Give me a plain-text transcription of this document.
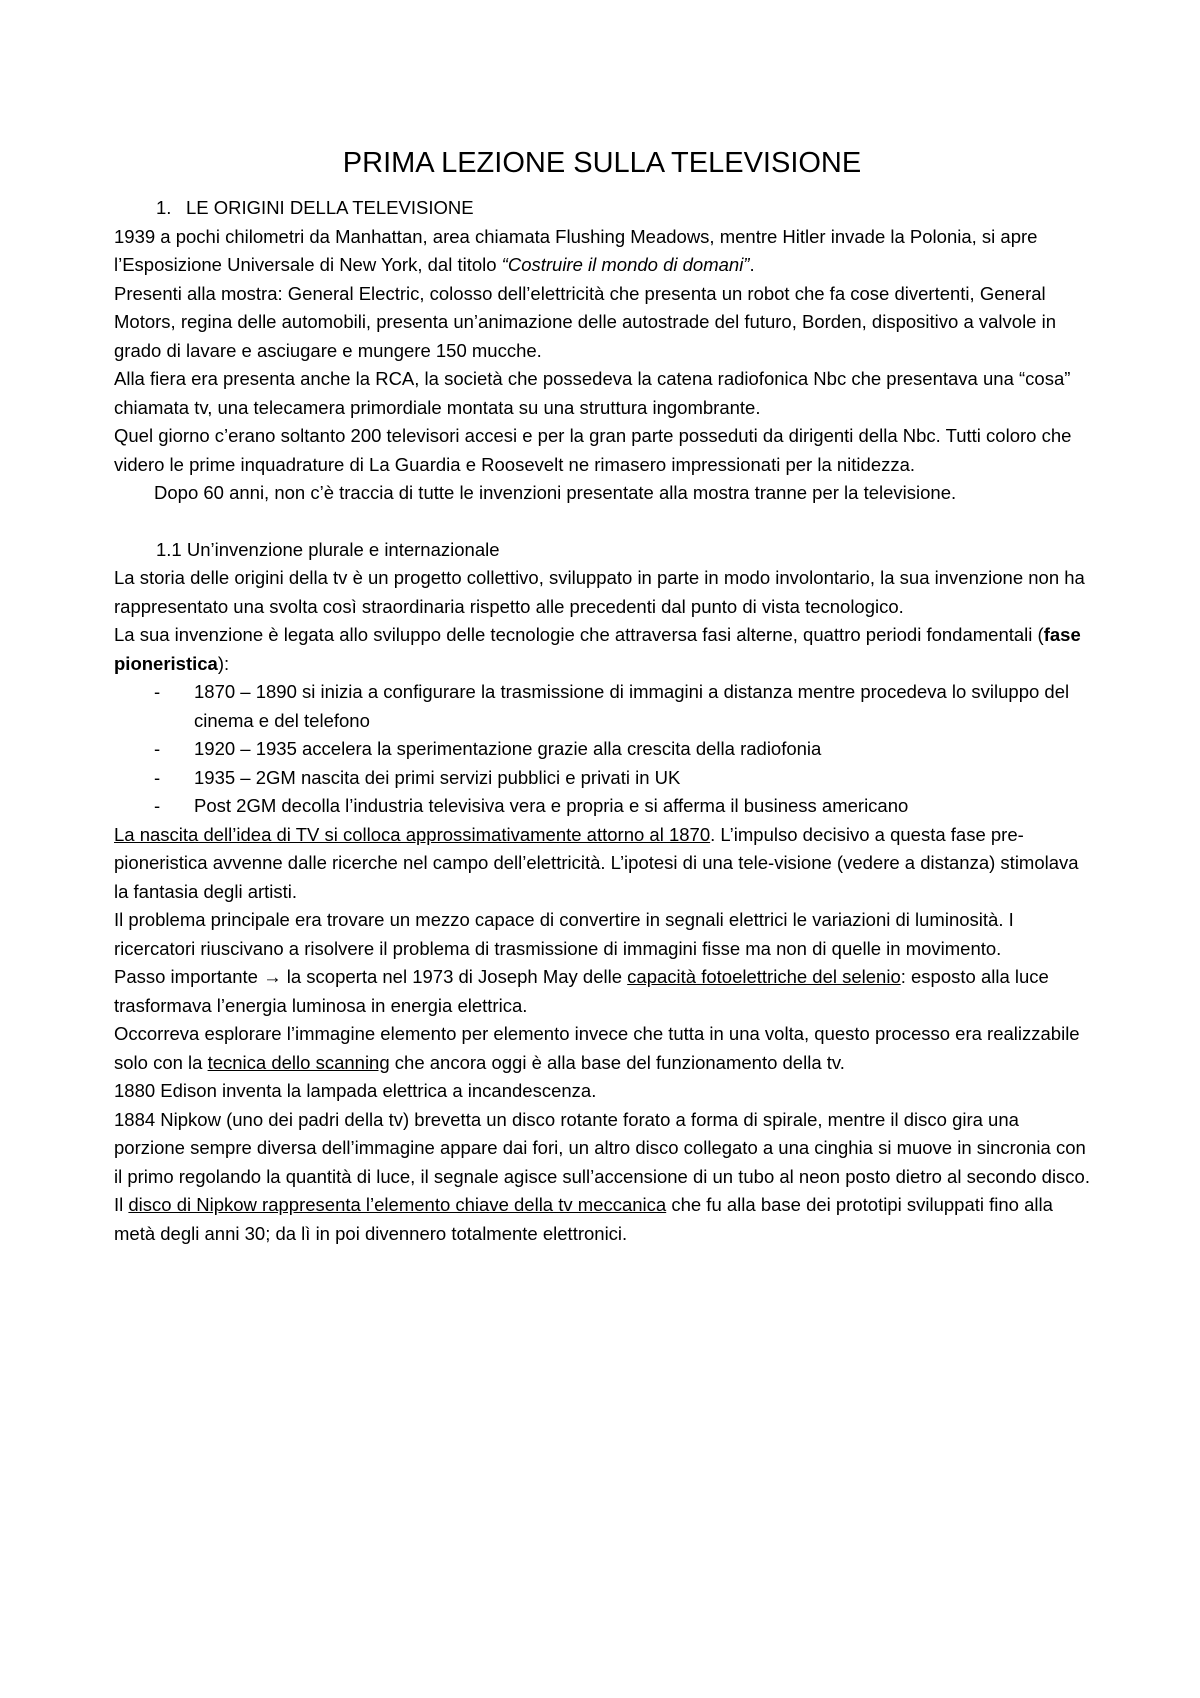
PRIMA LEZIONE SULLA TELEVISIONE
1. LE ORIGINI DELLA TELEVISIONE

1939 a pochi chilometri da Manhattan, area chiamata Flushing Meadows, mentre Hitler invade la Polonia, si apre l’Esposizione Universale di New York, dal titolo “Costruire il mondo di domani”.

Presenti alla mostra: General Electric, colosso dell’elettricità che presenta un robot che fa cose divertenti, General Motors, regina delle automobili, presenta un’animazione delle autostrade del futuro, Borden, dispositivo a valvole in grado di lavare e asciugare e mungere 150 mucche.

Alla fiera era presenta anche la RCA, la società che possedeva la catena radiofonica Nbc che presentava una “cosa” chiamata tv, una telecamera primordiale montata su una struttura ingombrante.

Quel giorno c’erano soltanto 200 televisori accesi e per la gran parte posseduti da dirigenti della Nbc. Tutti coloro che videro le prime inquadrature di La Guardia e Roosevelt ne rimasero impressionati per la nitidezza.

Dopo 60 anni, non c’è traccia di tutte le invenzioni presentate alla mostra tranne per la televisione.

1.1 Un’invenzione plurale e internazionale

La storia delle origini della tv è un progetto collettivo, sviluppato in parte in modo involontario, la sua invenzione non ha rappresentato una svolta così straordinaria rispetto alle precedenti dal punto di vista tecnologico.

La sua invenzione è legata allo sviluppo delle tecnologie che attraversa fasi alterne, quattro periodi fondamentali (fase pioneristica):

-	1870 – 1890 si inizia a configurare la trasmissione di immagini a distanza mentre procedeva lo sviluppo del cinema e del telefono
-	1920 – 1935 accelera la sperimentazione grazie alla crescita della radiofonia
-	1935 – 2GM nascita dei primi servizi pubblici e privati in UK
-	Post 2GM decolla l’industria televisiva vera e propria e si afferma il business americano

La nascita dell’idea di TV si colloca approssimativamente attorno al 1870. L’impulso decisivo a questa fase pre-pioneristica avvenne dalle ricerche nel campo dell’elettricità. L’ipotesi di una tele-visione (vedere a distanza) stimolava la fantasia degli artisti.

Il problema principale era trovare un mezzo capace di convertire in segnali elettrici le variazioni di luminosità. I ricercatori riuscivano a risolvere il problema di trasmissione di immagini fisse ma non di quelle in movimento.

Passo importante → la scoperta nel 1973 di Joseph May delle capacità fotoelettriche del selenio: esposto alla luce trasformava l’energia luminosa in energia elettrica.

Occorreva esplorare l’immagine elemento per elemento invece che tutta in una volta, questo processo era realizzabile solo con la tecnica dello scanning che ancora oggi è alla base del funzionamento della tv.

1880 Edison inventa la lampada elettrica a incandescenza.

1884 Nipkow (uno dei padri della tv) brevetta un disco rotante forato a forma di spirale, mentre il disco gira una porzione sempre diversa dell’immagine appare dai fori, un altro disco collegato a una cinghia si muove in sincronia con il primo regolando la quantità di luce, il segnale agisce sull’accensione di un tubo al neon posto dietro al secondo disco.

Il disco di Nipkow rappresenta l’elemento chiave della tv meccanica che fu alla base dei prototipi sviluppati fino alla metà degli anni 30; da lì in poi divennero totalmente elettronici.
